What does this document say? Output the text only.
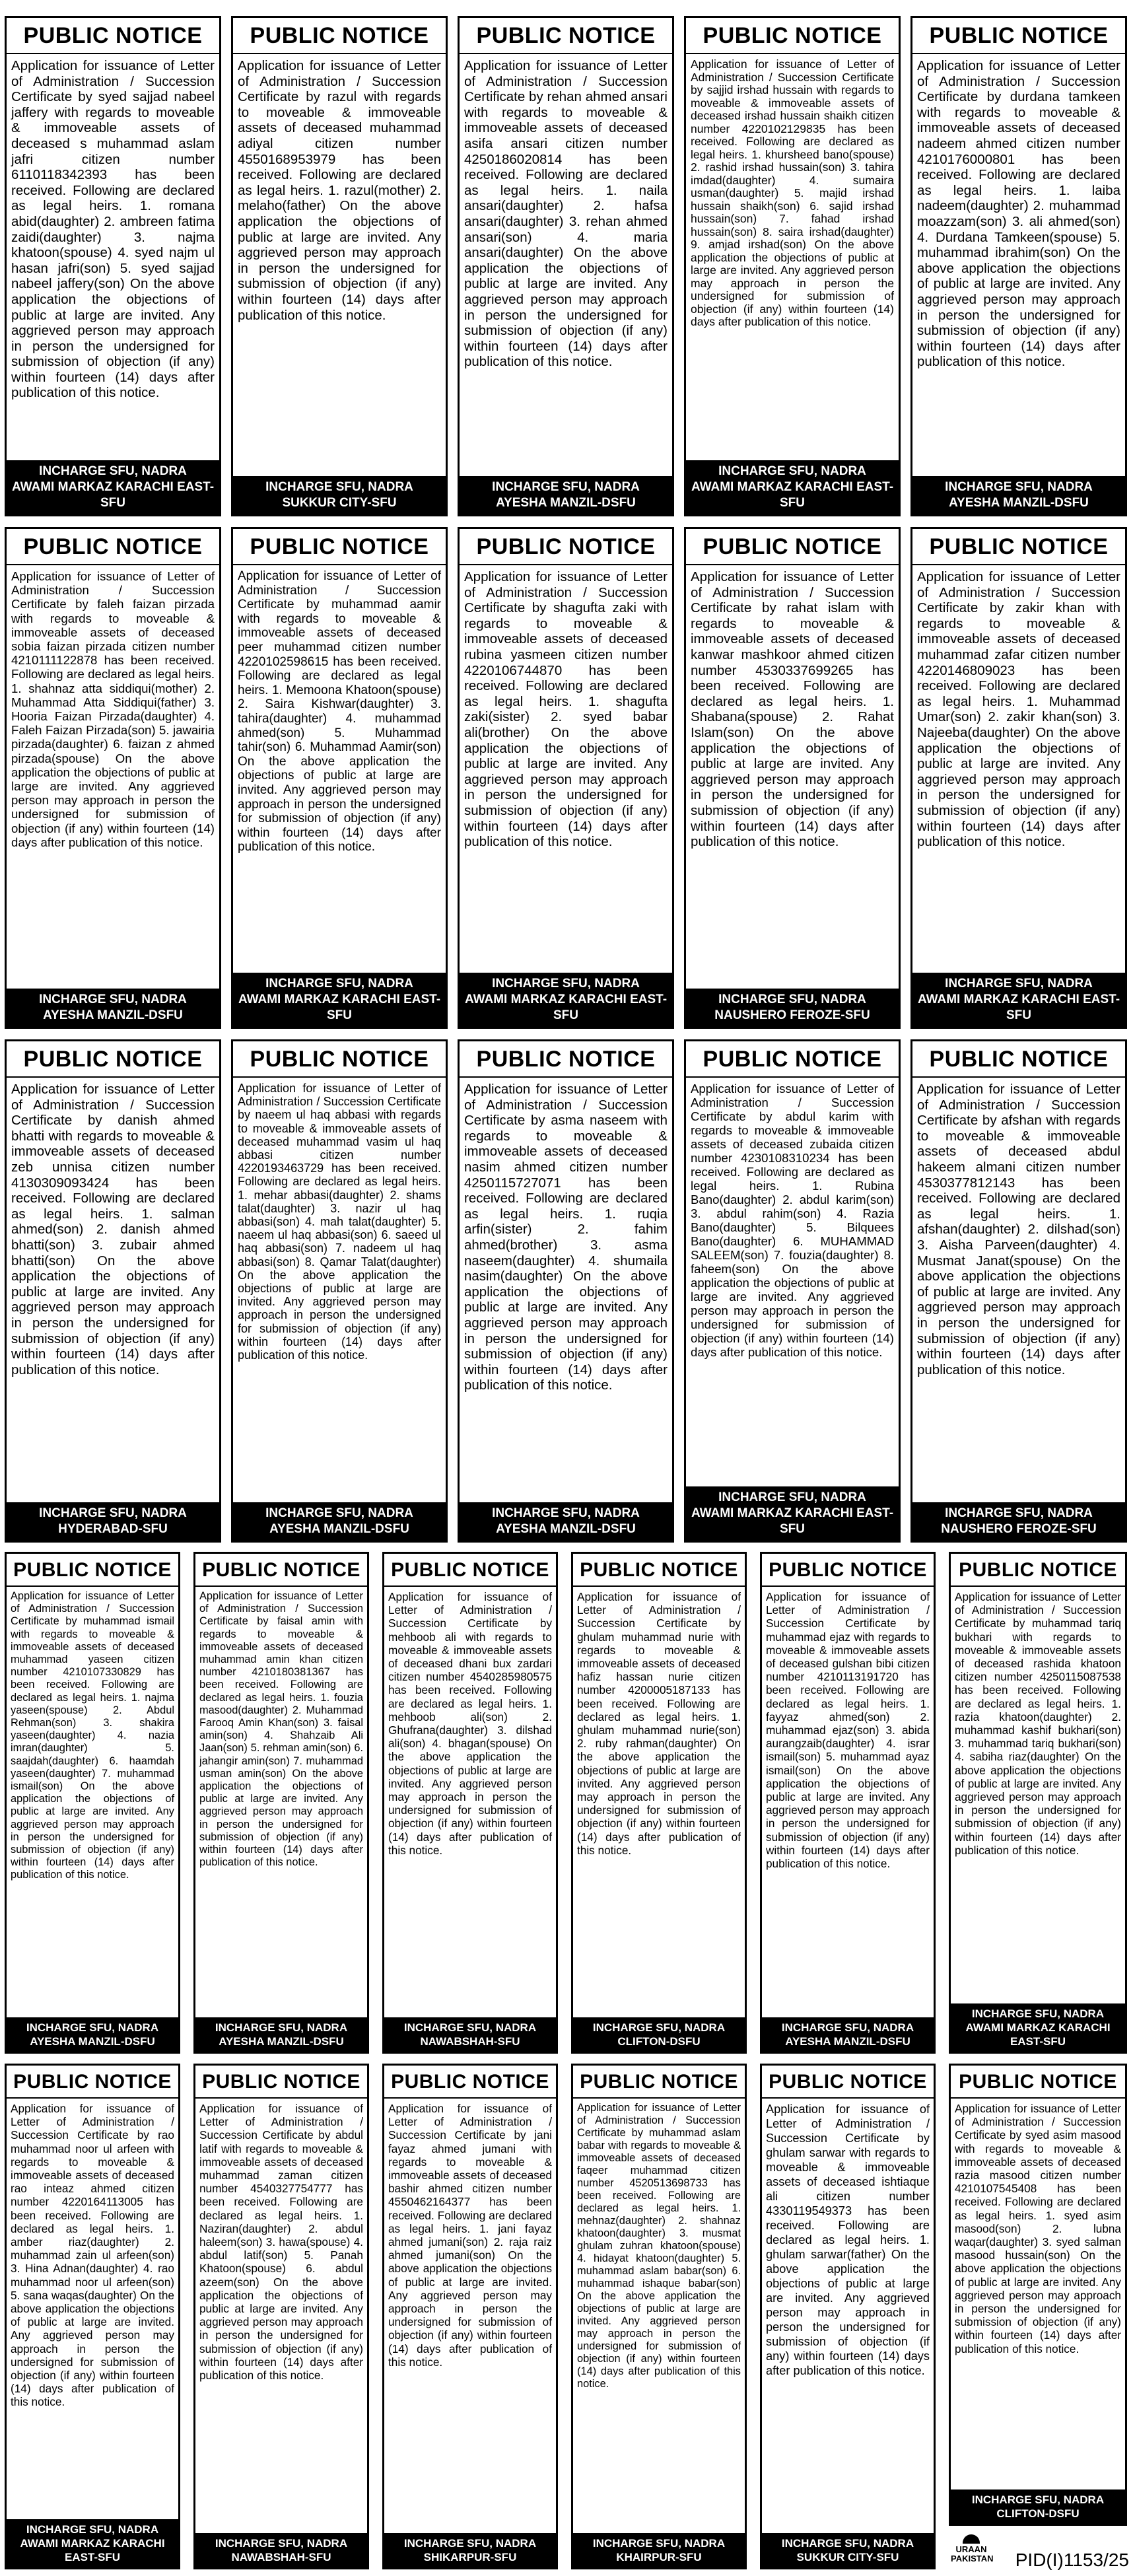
PUBLIC NOTICE
Application for issuance of Letter of Administration / Succession Certificate by syed sajjad nabeel jaffery with regards to moveable & immoveable assets of deceased s muhammad aslam jafri citizen number 6110118342393 has been received. Following are declared as legal heirs. 1. romana abid(daughter) 2. ambreen fatima zaidi(daughter) 3. najma khatoon(spouse) 4. syed najm ul hasan jafri(son) 5. syed sajjad nabeel jaffery(son) On the above application the objections of public at large are invited. Any aggrieved person may approach in person the undersigned for submission of objection (if any) within fourteen (14) days after publication of this notice.
INCHARGE SFU, NADRA
AWAMI MARKAZ KARACHI EAST-SFU
PUBLIC NOTICE
Application for issuance of Letter of Administration / Succession Certificate by razul with regards to moveable & immoveable assets of deceased muhammad adiyal citizen number 4550168953979 has been received. Following are declared as legal heirs. 1. razul(mother) 2. melaho(father) On the above application the objections of public at large are invited. Any aggrieved person may approach in person the undersigned for submission of objection (if any) within fourteen (14) days after publication of this notice.
INCHARGE SFU, NADRA
SUKKUR CITY-SFU
PUBLIC NOTICE
Application for issuance of Letter of Administration / Succession Certificate by rehan ahmed ansari with regards to moveable & immoveable assets of deceased asifa ansari citizen number 4250186020814 has been received. Following are declared as legal heirs. 1. naila ansari(daughter) 2. hafsa ansari(daughter) 3. rehan ahmed ansari(son) 4. maria ansari(daughter) On the above application the objections of public at large are invited. Any aggrieved person may approach in person the undersigned for submission of objection (if any) within fourteen (14) days after publication of this notice.
INCHARGE SFU, NADRA
AYESHA MANZIL-DSFU
PUBLIC NOTICE
Application for issuance of Letter of Administration / Succession Certificate by sajjid irshad hussain with regards to moveable & immoveable assets of deceased irshad hussain shaikh citizen number 4220102129835 has been received. Following are declared as legal heirs. 1. khursheed bano(spouse) 2. rashid irshad hussain(son) 3. tahira imdad(daughter) 4. sumaira usman(daughter) 5. majid irshad hussain shaikh(son) 6. sajid irshad hussain(son) 7. fahad irshad hussain(son) 8. saira irshad(daughter) 9. amjad irshad(son) On the above application the objections of public at large are invited. Any aggrieved person may approach in person the undersigned for submission of objection (if any) within fourteen (14) days after publication of this notice.
INCHARGE SFU, NADRA
AWAMI MARKAZ KARACHI EAST-SFU
PUBLIC NOTICE
Application for issuance of Letter of Administration / Succession Certificate by durdana tamkeen with regards to moveable & immoveable assets of deceased nadeem ahmed citizen number 4210176000801 has been received. Following are declared as legal heirs. 1. laiba nadeem(daughter) 2. muhammad moazzam(son) 3. ali ahmed(son) 4. Durdana Tamkeen(spouse) 5. muhammad ibrahim(son) On the above application the objections of public at large are invited. Any aggrieved person may approach in person the undersigned for submission of objection (if any) within fourteen (14) days after publication of this notice.
INCHARGE SFU, NADRA
AYESHA MANZIL-DSFU
PUBLIC NOTICE
Application for issuance of Letter of Administration / Succession Certificate by faleh faizan pirzada with regards to moveable & immoveable assets of deceased sobia faizan pirzada citizen number 4210111122878 has been received. Following are declared as legal heirs. 1. shahnaz atta siddiqui(mother) 2. Muhammad Atta Siddiqui(father) 3. Hooria Faizan Pirzada(daughter) 4. Faleh Faizan Pirzada(son) 5. jawairia pirzada(daughter) 6. faizan z ahmed pirzada(spouse) On the above application the objections of public at large are invited. Any aggrieved person may approach in person the undersigned for submission of objection (if any) within fourteen (14) days after publication of this notice.
INCHARGE SFU, NADRA
AYESHA MANZIL-DSFU
PUBLIC NOTICE
Application for issuance of Letter of Administration / Succession Certificate by muhammad aamir with regards to moveable & immoveable assets of deceased peer muhammad citizen number 4220102598615 has been received. Following are declared as legal heirs. 1. Memoona Khatoon(spouse) 2. Saira Kishwar(daughter) 3. tahira(daughter) 4. muhammad ahmed(son) 5. Muhammad tahir(son) 6. Muhammad Aamir(son) On the above application the objections of public at large are invited. Any aggrieved person may approach in person the undersigned for submission of objection (if any) within fourteen (14) days after publication of this notice.
INCHARGE SFU, NADRA
AWAMI MARKAZ KARACHI EAST-SFU
PUBLIC NOTICE
Application for issuance of Letter of Administration / Succession Certificate by shagufta zaki with regards to moveable & immoveable assets of deceased rubina yasmeen citizen number 4220106744870 has been received. Following are declared as legal heirs. 1. shagufta zaki(sister) 2. syed babar ali(brother) On the above application the objections of public at large are invited. Any aggrieved person may approach in person the undersigned for submission of objection (if any) within fourteen (14) days after publication of this notice.
INCHARGE SFU, NADRA
AWAMI MARKAZ KARACHI EAST-SFU
PUBLIC NOTICE
Application for issuance of Letter of Administration / Succession Certificate by rahat islam with regards to moveable & immoveable assets of deceased kanwar mashkoor ahmed citizen number 4530337699265 has been received. Following are declared as legal heirs. 1. Shabana(spouse) 2. Rahat Islam(son) On the above application the objections of public at large are invited. Any aggrieved person may approach in person the undersigned for submission of objection (if any) within fourteen (14) days after publication of this notice.
INCHARGE SFU, NADRA
NAUSHERO FEROZE-SFU
PUBLIC NOTICE
Application for issuance of Letter of Administration / Succession Certificate by zakir khan with regards to moveable & immoveable assets of deceased muhammad zafar citizen number 4220146809023 has been received. Following are declared as legal heirs. 1. Muhammad Umar(son) 2. zakir khan(son) 3. Najeeba(daughter) On the above application the objections of public at large are invited. Any aggrieved person may approach in person the undersigned for submission of objection (if any) within fourteen (14) days after publication of this notice.
INCHARGE SFU, NADRA
AWAMI MARKAZ KARACHI EAST-SFU
PUBLIC NOTICE
Application for issuance of Letter of Administration / Succession Certificate by danish ahmed bhatti with regards to moveable & immoveable assets of deceased zeb unnisa citizen number 4130309093424 has been received. Following are declared as legal heirs. 1. salman ahmed(son) 2. danish ahmed bhatti(son) 3. zubair ahmed bhatti(son) On the above application the objections of public at large are invited. Any aggrieved person may approach in person the undersigned for submission of objection (if any) within fourteen (14) days after publication of this notice.
INCHARGE SFU, NADRA
HYDERABAD-SFU
PUBLIC NOTICE
Application for issuance of Letter of Administration / Succession Certificate by naeem ul haq abbasi with regards to moveable & immoveable assets of deceased muhammad vasim ul haq abbasi citizen number 4220193463729 has been received. Following are declared as legal heirs. 1. mehar abbasi(daughter) 2. shams talat(daughter) 3. nazir ul haq abbasi(son) 4. mah talat(daughter) 5. naeem ul haq abbasi(son) 6. saeed ul haq abbasi(son) 7. nadeem ul haq abbasi(son) 8. Qamar Talat(daughter) On the above application the objections of public at large are invited. Any aggrieved person may approach in person the undersigned for submission of objection (if any) within fourteen (14) days after publication of this notice.
INCHARGE SFU, NADRA
AYESHA MANZIL-DSFU
PUBLIC NOTICE
Application for issuance of Letter of Administration / Succession Certificate by asma naseem with regards to moveable & immoveable assets of deceased nasim ahmed citizen number 4250115727071 has been received. Following are declared as legal heirs. 1. ruqia arfin(sister) 2. fahim ahmed(brother) 3. asma naseem(daughter) 4. shumaila nasim(daughter) On the above application the objections of public at large are invited. Any aggrieved person may approach in person the undersigned for submission of objection (if any) within fourteen (14) days after publication of this notice.
INCHARGE SFU, NADRA
AYESHA MANZIL-DSFU
PUBLIC NOTICE
Application for issuance of Letter of Administration / Succession Certificate by abdul karim with regards to moveable & immoveable assets of deceased zubaida citizen number 4230108310234 has been received. Following are declared as legal heirs. 1. Rubina Bano(daughter) 2. abdul karim(son) 3. abdul rahim(son) 4. Razia Bano(daughter) 5. Bilquees Bano(daughter) 6. MUHAMMAD SALEEM(son) 7. fouzia(daughter) 8. faheem(son) On the above application the objections of public at large are invited. Any aggrieved person may approach in person the undersigned for submission of objection (if any) within fourteen (14) days after publication of this notice.
INCHARGE SFU, NADRA
AWAMI MARKAZ KARACHI EAST-SFU
PUBLIC NOTICE
Application for issuance of Letter of Administration / Succession Certificate by afshan with regards to moveable & immoveable assets of deceased abdul hakeem almani citizen number 4530377812143 has been received. Following are declared as legal heirs. 1. afshan(daughter) 2. dilshad(son) 3. Aisha Parveen(daughter) 4. Musmat Janat(spouse) On the above application the objections of public at large are invited. Any aggrieved person may approach in person the undersigned for submission of objection (if any) within fourteen (14) days after publication of this notice.
INCHARGE SFU, NADRA
NAUSHERO FEROZE-SFU
PUBLIC NOTICE
Application for issuance of Letter of Administration / Succession Certificate by muhammad ismail with regards to moveable & immoveable assets of deceased muhammad yaseen citizen number 4210107330829 has been received. Following are declared as legal heirs. 1. najma yaseen(spouse) 2. Abdul Rehman(son) 3. shakira yaseen(daughter) 4. nazia imran(daughter) 5. saajdah(daughter) 6. haamdah yaseen(daughter) 7. muhammad ismail(son) On the above application the objections of public at large are invited. Any aggrieved person may approach in person the undersigned for submission of objection (if any) within fourteen (14) days after publication of this notice.
INCHARGE SFU, NADRA
AYESHA MANZIL-DSFU
PUBLIC NOTICE
Application for issuance of Letter of Administration / Succession Certificate by faisal amin with regards to moveable & immoveable assets of deceased muhammad amin khan citizen number 4210180381367 has been received. Following are declared as legal heirs. 1. fouzia masood(daughter) 2. Muhammad Farooq Amin Khan(son) 3. faisal amin(son) 4. Shahzaib Ali Jaan(son) 5. rehman amin(son) 6. jahangir amin(son) 7. muhammad usman amin(son) On the above application the objections of public at large are invited. Any aggrieved person may approach in person the undersigned for submission of objection (if any) within fourteen (14) days after publication of this notice.
INCHARGE SFU, NADRA
AYESHA MANZIL-DSFU
PUBLIC NOTICE
Application for issuance of Letter of Administration / Succession Certificate by mehboob ali with regards to moveable & immoveable assets of deceased dhani bux zardari citizen number 4540285980575 has been received. Following are declared as legal heirs. 1. mehboob ali(son) 2. Ghufrana(daughter) 3. dilshad ali(son) 4. bhagan(spouse) On the above application the objections of public at large are invited. Any aggrieved person may approach in person the undersigned for submission of objection (if any) within fourteen (14) days after publication of this notice.
INCHARGE SFU, NADRA
NAWABSHAH-SFU
PUBLIC NOTICE
Application for issuance of Letter of Administration / Succession Certificate by ghulam muhammad nurie with regards to moveable & immoveable assets of deceased hafiz hassan nurie citizen number 4200005187133 has been received. Following are declared as legal heirs. 1. ghulam muhammad nurie(son) 2. ruby rahman(daughter) On the above application the objections of public at large are invited. Any aggrieved person may approach in person the undersigned for submission of objection (if any) within fourteen (14) days after publication of this notice.
INCHARGE SFU, NADRA
CLIFTON-DSFU
PUBLIC NOTICE
Application for issuance of Letter of Administration / Succession Certificate by muhammad ejaz with regards to moveable & immoveable assets of deceased gulshan bibi citizen number 4210113191720 has been received. Following are declared as legal heirs. 1. fayyaz ahmed(son) 2. muhammad ejaz(son) 3. abida aurangzaib(daughter) 4. israr ismail(son) 5. muhammad ayaz ismail(son) On the above application the objections of public at large are invited. Any aggrieved person may approach in person the undersigned for submission of objection (if any) within fourteen (14) days after publication of this notice.
INCHARGE SFU, NADRA
AYESHA MANZIL-DSFU
PUBLIC NOTICE
Application for issuance of Letter of Administration / Succession Certificate by muhammad tariq bukhari with regards to moveable & immoveable assets of deceased rashida khatoon citizen number 4250115087538 has been received. Following are declared as legal heirs. 1. razia khatoon(daughter) 2. muhammad kashif bukhari(son) 3. muhammad tariq bukhari(son) 4. sabiha riaz(daughter) On the above application the objections of public at large are invited. Any aggrieved person may approach in person the undersigned for submission of objection (if any) within fourteen (14) days after publication of this notice.
INCHARGE SFU, NADRA
AWAMI MARKAZ KARACHI EAST-SFU
PUBLIC NOTICE
Application for issuance of Letter of Administration / Succession Certificate by rao muhammad noor ul arfeen with regards to moveable & immoveable assets of deceased rao inteaz ahmed citizen number 4220164113005 has been received. Following are declared as legal heirs. 1. amber riaz(daughter) 2. muhammad zain ul arfeen(son) 3. Hina Adnan(daughter) 4. rao muhammad noor ul arfeen(son) 5. sana waqas(daughter) On the above application the objections of public at large are invited. Any aggrieved person may approach in person the undersigned for submission of objection (if any) within fourteen (14) days after publication of this notice.
INCHARGE SFU, NADRA
AWAMI MARKAZ KARACHI EAST-SFU
PUBLIC NOTICE
Application for issuance of Letter of Administration / Succession Certificate by abdul latif with regards to moveable & immoveable assets of deceased muhammad zaman citizen number 4540327754777 has been received. Following are declared as legal heirs. 1. Naziran(daughter) 2. abdul haleem(son) 3. hawa(spouse) 4. abdul latif(son) 5. Panah Khatoon(spouse) 6. abdul azeem(son) On the above application the objections of public at large are invited. Any aggrieved person may approach in person the undersigned for submission of objection (if any) within fourteen (14) days after publication of this notice.
INCHARGE SFU, NADRA
NAWABSHAH-SFU
PUBLIC NOTICE
Application for issuance of Letter of Administration / Succession Certificate by jani fayaz ahmed jumani with regards to moveable & immoveable assets of deceased bashir ahmed citizen number 4550462164377 has been received. Following are declared as legal heirs. 1. jani fayaz ahmed jumani(son) 2. raja raiz ahmed jumani(son) On the above application the objections of public at large are invited. Any aggrieved person may approach in person the undersigned for submission of objection (if any) within fourteen (14) days after publication of this notice.
INCHARGE SFU, NADRA
SHIKARPUR-SFU
PUBLIC NOTICE
Application for issuance of Letter of Administration / Succession Certificate by muhammad aslam babar with regards to moveable & immoveable assets of deceased faqeer muhammad citizen number 4520513698733 has been received. Following are declared as legal heirs. 1. mehnaz(daughter) 2. shahnaz khatoon(daughter) 3. musmat ghulam zuhran khatoon(spouse) 4. hidayat khatoon(daughter) 5. muhammad aslam babar(son) 6. muhammad ishaque babar(son) On the above application the objections of public at large are invited. Any aggrieved person may approach in person the undersigned for submission of objection (if any) within fourteen (14) days after publication of this notice.
INCHARGE SFU, NADRA
KHAIRPUR-SFU
PUBLIC NOTICE
Application for issuance of Letter of Administration / Succession Certificate by ghulam sarwar with regards to moveable & immoveable assets of deceased ishtiaque ali citizen number 4330119549373 has been received. Following are declared as legal heirs. 1. ghulam sarwar(father) On the above application the objections of public at large are invited. Any aggrieved person may approach in person the undersigned for submission of objection (if any) within fourteen (14) days after publication of this notice.
INCHARGE SFU, NADRA
SUKKUR CITY-SFU
PUBLIC NOTICE
Application for issuance of Letter of Administration / Succession Certificate by syed asim masood with regards to moveable & immoveable assets of deceased razia masood citizen number 4210107545408 has been received. Following are declared as legal heirs. 1. syed asim masood(son) 2. lubna waqar(daughter) 3. syed salman masood hussain(son) On the above application the objections of public at large are invited. Any aggrieved person may approach in person the undersigned for submission of objection (if any) within fourteen (14) days after publication of this notice.
INCHARGE SFU, NADRA
CLIFTON-DSFU
URAAN
PAKISTAN PID(I)1153/25
